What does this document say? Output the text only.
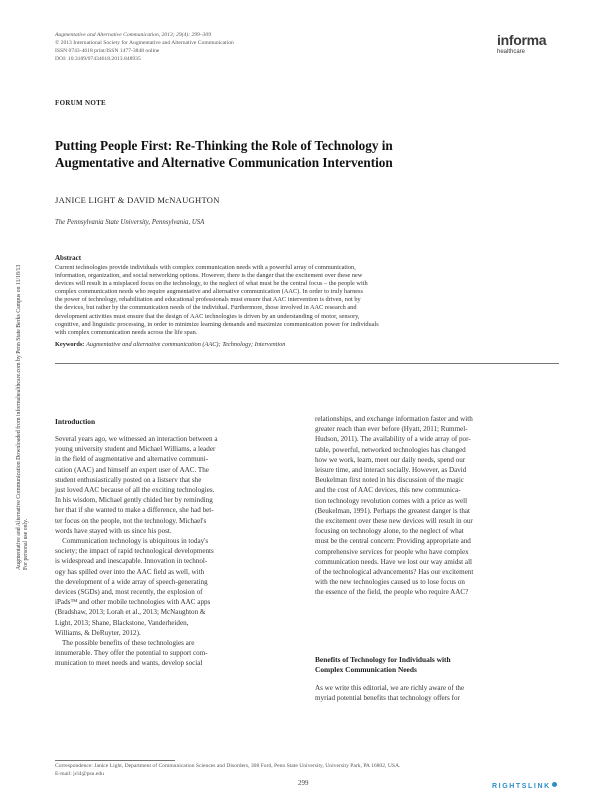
Augmentative and Alternative Communication, 2013; 29(4): 299–309
© 2013 International Society for Augmentative and Alternative Communication
ISSN 0743-4618 print/ISSN 1477-3848 online
DOI: 10.3109/07434618.2013.848935
informa
healthcare
Augmentative and Alternative Communication Downloaded from informahealthcare.com by Penn State Berks Campus on 11/18/13 For personal use only.
FORUM NOTE
Putting People First: Re-Thinking the Role of Technology in
Augmentative and Alternative Communication Intervention
JANICE LIGHT & DAVID McNAUGHTON
The Pennsylvania State University, Pennsylvania, USA
Abstract
Current technologies provide individuals with complex communication needs with a powerful array of communication,
information, organization, and social networking options. However, there is the danger that the excitement over these new
devices will result in a misplaced focus on the technology, to the neglect of what must be the central focus – the people with
complex communication needs who require augmentative and alternative communication (AAC). In order to truly harness
the power of technology, rehabilitation and educational professionals must ensure that AAC intervention is driven, not by
the devices, but rather by the communication needs of the individual. Furthermore, those involved in AAC research and
development activities must ensure that the design of AAC technologies is driven by an understanding of motor, sensory,
cognitive, and linguistic processing, in order to minimize learning demands and maximize communication power for individuals
with complex communication needs across the life span.
Keywords: Augmentative and alternative communication (AAC); Technology; Intervention
Introduction
Several years ago, we witnessed an interaction between a
young university student and Michael Williams, a leader
in the field of augmentative and alternative communi-
cation (AAC) and himself an expert user of AAC. The
student enthusiastically posted on a listserv that she
just loved AAC because of all the exciting technologies.
In his wisdom, Michael gently chided her by reminding
her that if she wanted to make a difference, she had bet-
ter focus on the people, not the technology. Michael's
words have stayed with us since his post.
Communication technology is ubiquitous in today's
society; the impact of rapid technological developments
is widespread and inescapable. Innovation in technol-
ogy has spilled over into the AAC field as well, with
the development of a wide array of speech-generating
devices (SGDs) and, most recently, the explosion of
iPads™ and other mobile technologies with AAC apps
(Bradshaw, 2013; Lorah et al., 2013; McNaughton &
Light, 2013; Shane, Blackstone, Vanderheiden,
Williams, & DeRuyter, 2012).
The possible benefits of these technologies are
innumerable. They offer the potential to support com-
munication to meet needs and wants, develop social
relationships, and exchange information faster and with
greater reach than ever before (Hyatt, 2011; Rummel-
Hudson, 2011). The availability of a wide array of por-
table, powerful, networked technologies has changed
how we work, learn, meet our daily needs, spend our
leisure time, and interact socially. However, as David
Beukelman first noted in his discussion of the magic
and the cost of AAC devices, this new communica-
tion technology revolution comes with a price as well
(Beukelman, 1991). Perhaps the greatest danger is that
the excitement over these new devices will result in our
focusing on technology alone, to the neglect of what
must be the central concern: Providing appropriate and
comprehensive services for people who have complex
communication needs. Have we lost our way amidst all
of the technological advancements? Has our excitement
with the new technologies caused us to lose focus on
the essence of the field, the people who require AAC?
Benefits of Technology for Individuals with
Complex Communication Needs
As we write this editorial, we are richly aware of the
myriad potential benefits that technology offers for
Correspondence: Janice Light, Department of Communication Sciences and Disorders, 308 Ford, Penn State University, University Park, PA 16802, USA.
E-mail: jcl4@psu.edu
299	RIGHTSLINK
